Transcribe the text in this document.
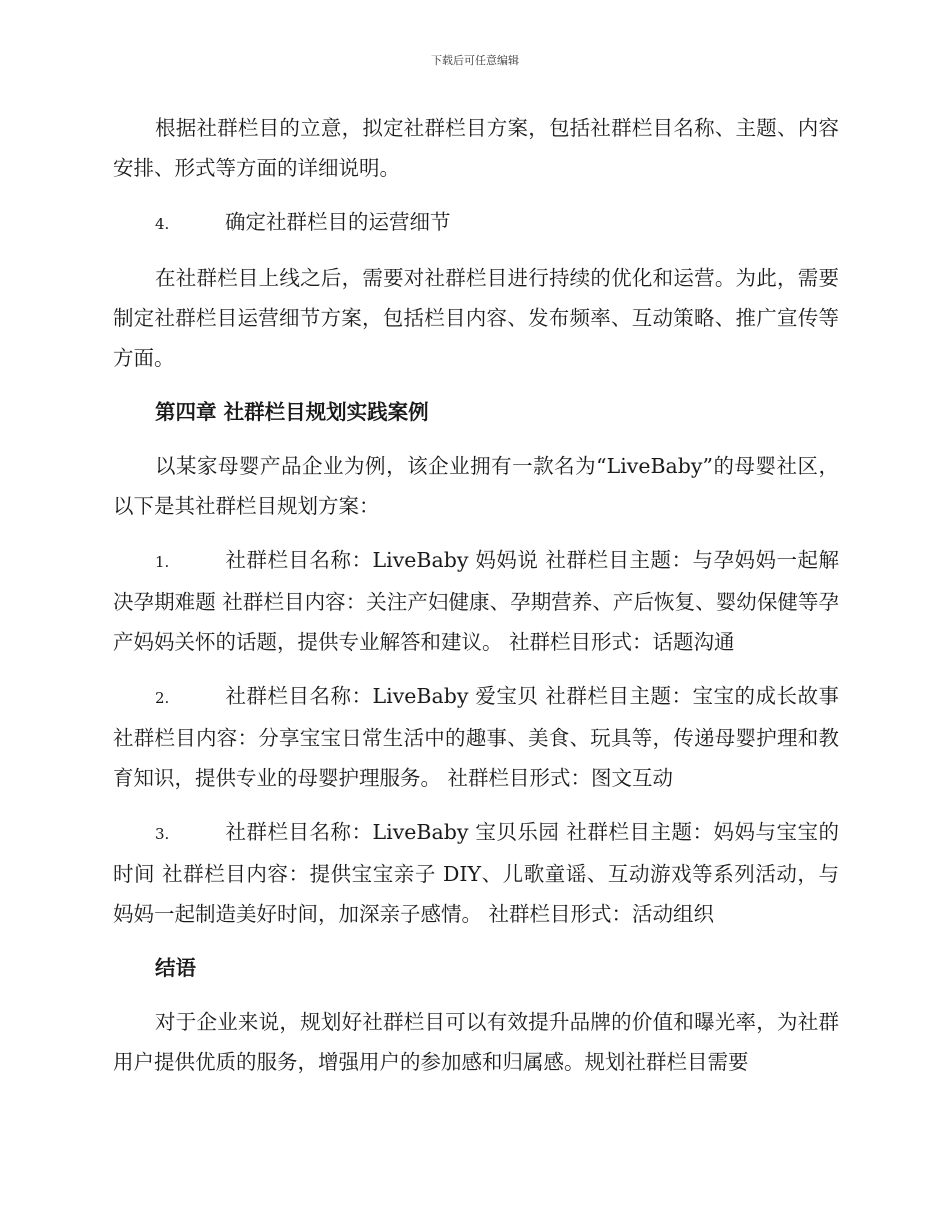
下载后可任意编辑

根据社群栏目的立意，拟定社群栏目方案，包括社群栏目名称、主题、内容安排、形式等方面的详细说明。

4.	确定社群栏目的运营细节

在社群栏目上线之后，需要对社群栏目进行持续的优化和运营。为此，需要制定社群栏目运营细节方案，包括栏目内容、发布频率、互动策略、推广宣传等方面。

第四章 社群栏目规划实践案例

以某家母婴产品企业为例，该企业拥有一款名为“LiveBaby”的母婴社区，以下是其社群栏目规划方案：

1.	社群栏目名称：LiveBaby 妈妈说 社群栏目主题：与孕妈妈一起解决孕期难题 社群栏目内容：关注产妇健康、孕期营养、产后恢复、婴幼保健等孕产妈妈关怀的话题，提供专业解答和建议。 社群栏目形式：话题沟通

2.	社群栏目名称：LiveBaby 爱宝贝 社群栏目主题：宝宝的成长故事 社群栏目内容：分享宝宝日常生活中的趣事、美食、玩具等，传递母婴护理和教育知识，提供专业的母婴护理服务。 社群栏目形式：图文互动

3.	社群栏目名称：LiveBaby 宝贝乐园 社群栏目主题：妈妈与宝宝的时间 社群栏目内容：提供宝宝亲子 DIY、儿歌童谣、互动游戏等系列活动，与妈妈一起制造美好时间，加深亲子感情。 社群栏目形式：活动组织

结语

对于企业来说，规划好社群栏目可以有效提升品牌的价值和曝光率，为社群用户提供优质的服务，增强用户的参加感和归属感。规划社群栏目需要
